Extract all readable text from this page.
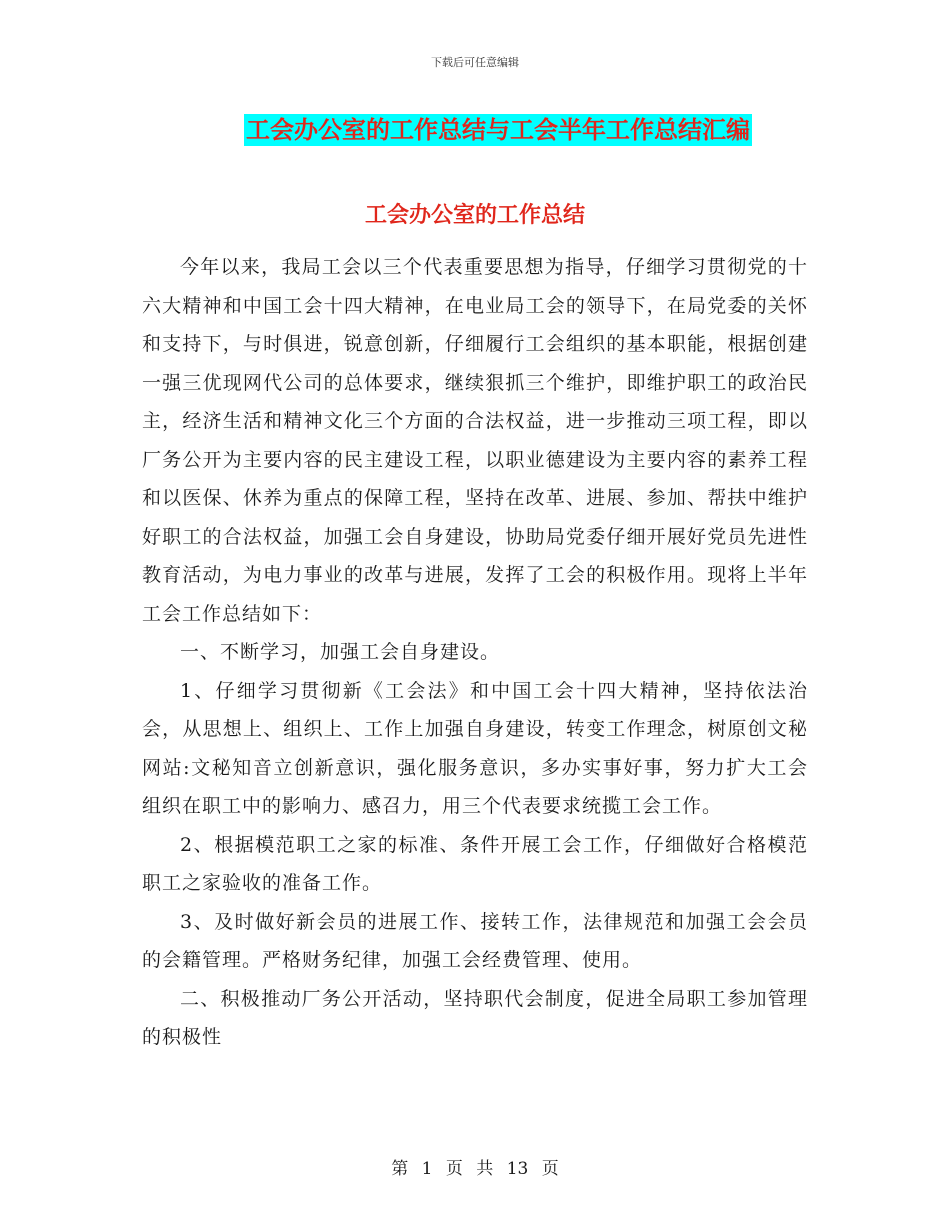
下载后可任意编辑
工会办公室的工作总结与工会半年工作总结汇编
工会办公室的工作总结

今年以来，我局工会以三个代表重要思想为指导，仔细学习贯彻党的十六大精神和中国工会十四大精神，在电业局工会的领导下，在局党委的关怀和支持下，与时俱进，锐意创新，仔细履行工会组织的基本职能，根据创建一强三优现网代公司的总体要求，继续狠抓三个维护，即维护职工的政治民主，经济生活和精神文化三个方面的合法权益，进一步推动三项工程，即以厂务公开为主要内容的民主建设工程，以职业德建设为主要内容的素养工程和以医保、休养为重点的保障工程，坚持在改革、进展、参加、帮扶中维护好职工的合法权益，加强工会自身建设，协助局党委仔细开展好党员先进性教育活动，为电力事业的改革与进展，发挥了工会的积极作用。现将上半年工会工作总结如下：

一、不断学习，加强工会自身建设。

1、仔细学习贯彻新《工会法》和中国工会十四大精神，坚持依法治会，从思想上、组织上、工作上加强自身建设，转变工作理念，树原创文秘网站:文秘知音立创新意识，强化服务意识，多办实事好事，努力扩大工会组织在职工中的影响力、感召力，用三个代表要求统揽工会工作。

2、根据模范职工之家的标准、条件开展工会工作，仔细做好合格模范职工之家验收的准备工作。

3、及时做好新会员的进展工作、接转工作，法律规范和加强工会会员的会籍管理。严格财务纪律，加强工会经费管理、使用。

二、积极推动厂务公开活动，坚持职代会制度，促进全局职工参加管理的积极性

第 1 页 共 13 页
